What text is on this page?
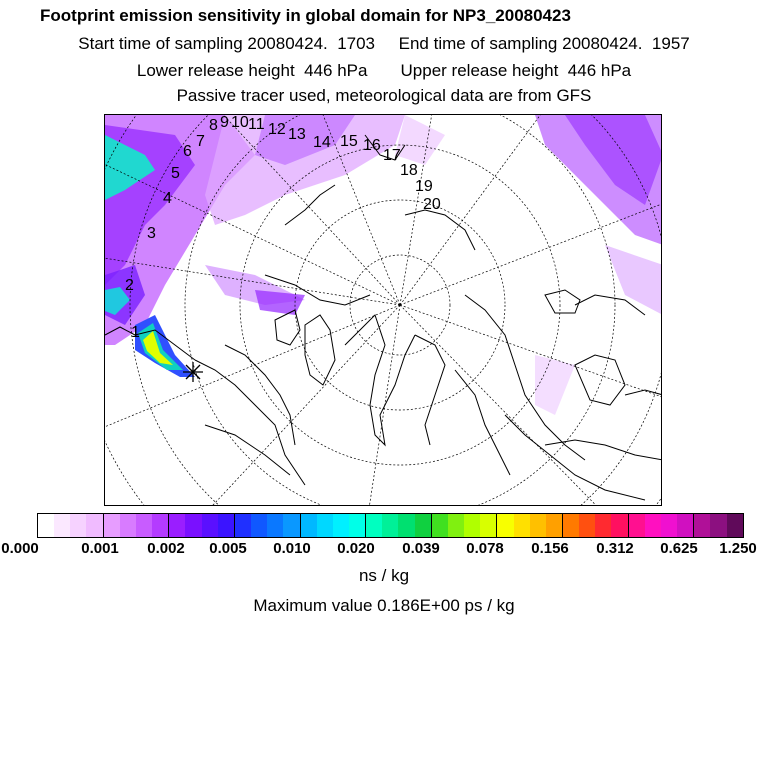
Footprint emission sensitivity in global domain for NP3_20080423
Start time of sampling 20080424.  1703 End time of sampling 20080424.  1957
Lower release height  446 hPa Upper release height  446 hPa
Passive tracer used, meteorological data are from GFS
1
2
3
4
5
6
7
8 9 10 11 12 13 14 15 16
17
18
19
20
0.000	0.001 0.002 0.005 0.010 0.020 0.039 0.078 0.156 0.312 0.625 1.250
ns / kg
Maximum value 0.186E+00 ps / kg
